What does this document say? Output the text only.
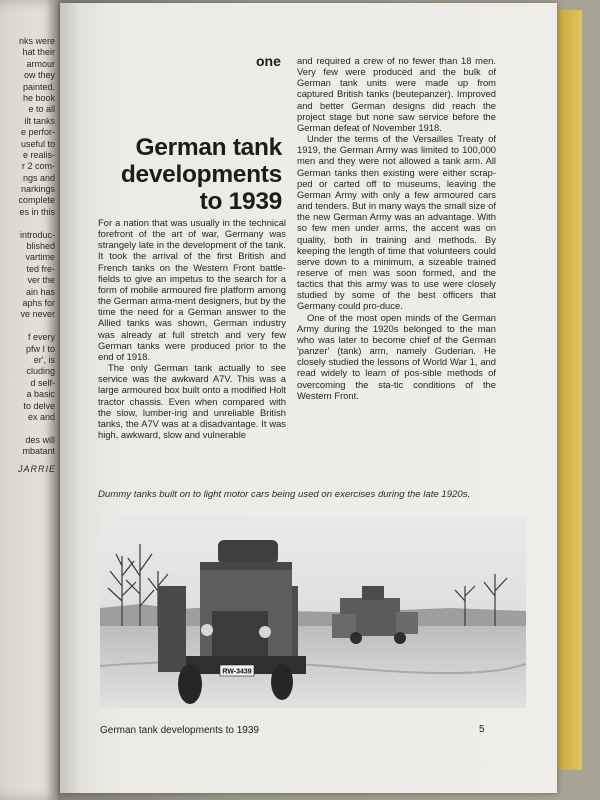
nks were
hat their
armour
ow they
painted.
he book
e to all
ilt tanks
e perfor-
useful to
e realis-
r 2 com-
ngs and
narkings
complete
es in this
introduc-
blished
vartime
ted fre-
ver the
ain has
aphs for
ve never
f every
pfw I to
er', is
cluding
d self-
a basic
to delve
ex and
des will
mbatant
JARRIE
one
German tank
developments
to 1939
For a nation that was usually in the technical forefront of the art of war, Germany was strangely late in the development of the tank. It took the arrival of the first British and French tanks on the Western Front battle-fields to give an impetus to the search for a form of mobile armoured fire platform among the German arma-ment designers, but by the time the need for a German answer to the Allied tanks was shown, German industry was already at full stretch and very few German tanks were produced prior to the end of 1918.
The only German tank actually to see service was the awkward A7V. This was a large armoured box built onto a modified Holt tractor chassis. Even when compared with the slow, lumber-ing and unreliable British tanks, the A7V was at a disadvantage. It was high, awkward, slow and vulnerable
and required a crew of no fewer than 18 men. Very few were produced and the bulk of German tank units were made up from captured British tanks (beutepanzer). Improved and better German designs did reach the project stage but none saw service before the German defeat of November 1918.
Under the terms of the Versailles Treaty of 1919, the German Army was limited to 100,000 men and they were not allowed a tank arm. All German tanks then existing were either scrap-ped or carted off to museums, leaving the German Army with only a few armoured cars and tenders. But in many ways the small size of the new German Army was an advantage. With so few men under arms, the accent was on quality, both in training and methods. By keeping the length of time that volunteers could serve down to a minimum, a sizeable trained reserve of men was soon formed, and the tactics that this army was to use were closely studied by some of the best officers that Germany could pro-duce.
One of the most open minds of the German Army during the 1920s belonged to the man who was later to become chief of the German 'panzer' (tank) arm, namely Guderian. He closely studied the lessons of World War 1, and read widely to learn of pos-sible methods of overcoming the sta-tic conditions of the Western Front.
Dummy tanks built on to light motor cars being used on exercises during the late 1920s.
RW-3439
German tank developments to 1939	5
